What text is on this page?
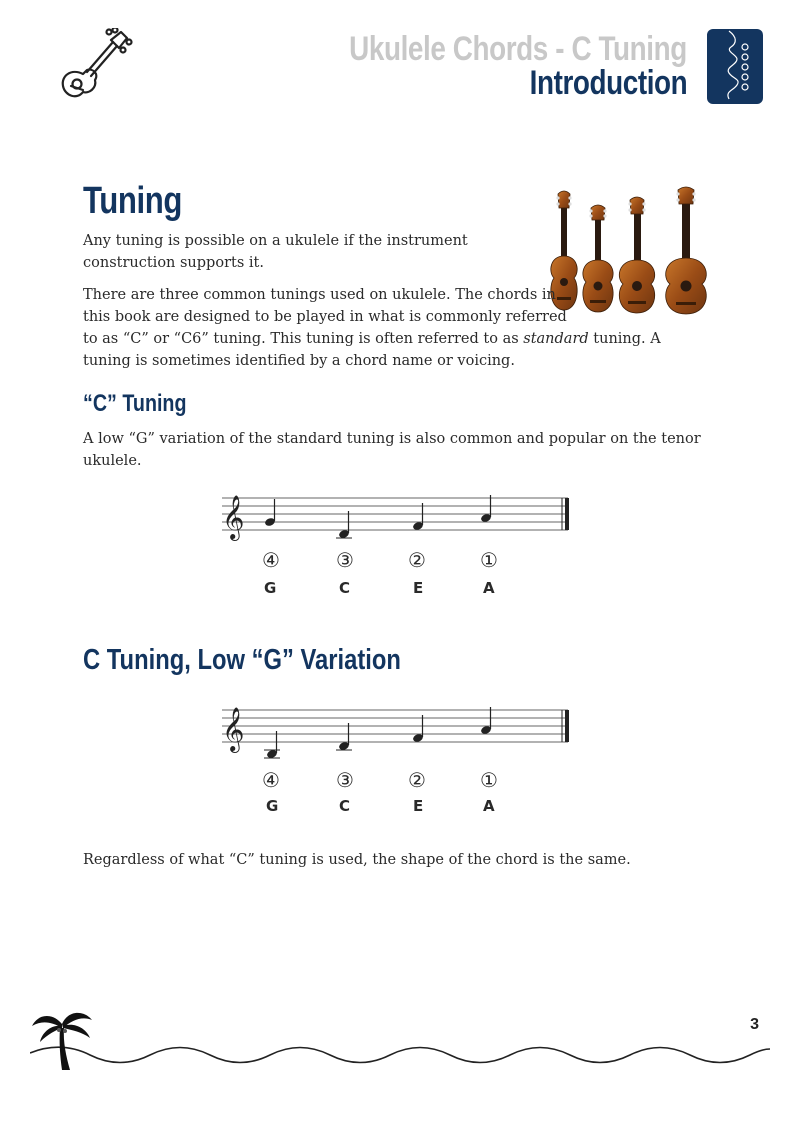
Ukulele Chords - C Tuning
Introduction
Tuning

Any tuning is possible on a ukulele if the instrument construction supports it.

There are three common tunings used on ukulele. The chords in
this book are designed to be played in what is commonly referred
to as “C” or “C6” tuning. This tuning is often referred to as standard tuning. A tuning is sometimes identified by a chord name or voicing.

“C” Tuning

A low “G” variation of the standard tuning is also common and popular on the tenor ukulele.

𝄞
④	③	②	①
G	C	E	A
C Tuning, Low “G” Variation
𝄞
④	③	②	①
G	C	E	A

Regardless of what “C” tuning is used, the shape of the chord is the same.

3
